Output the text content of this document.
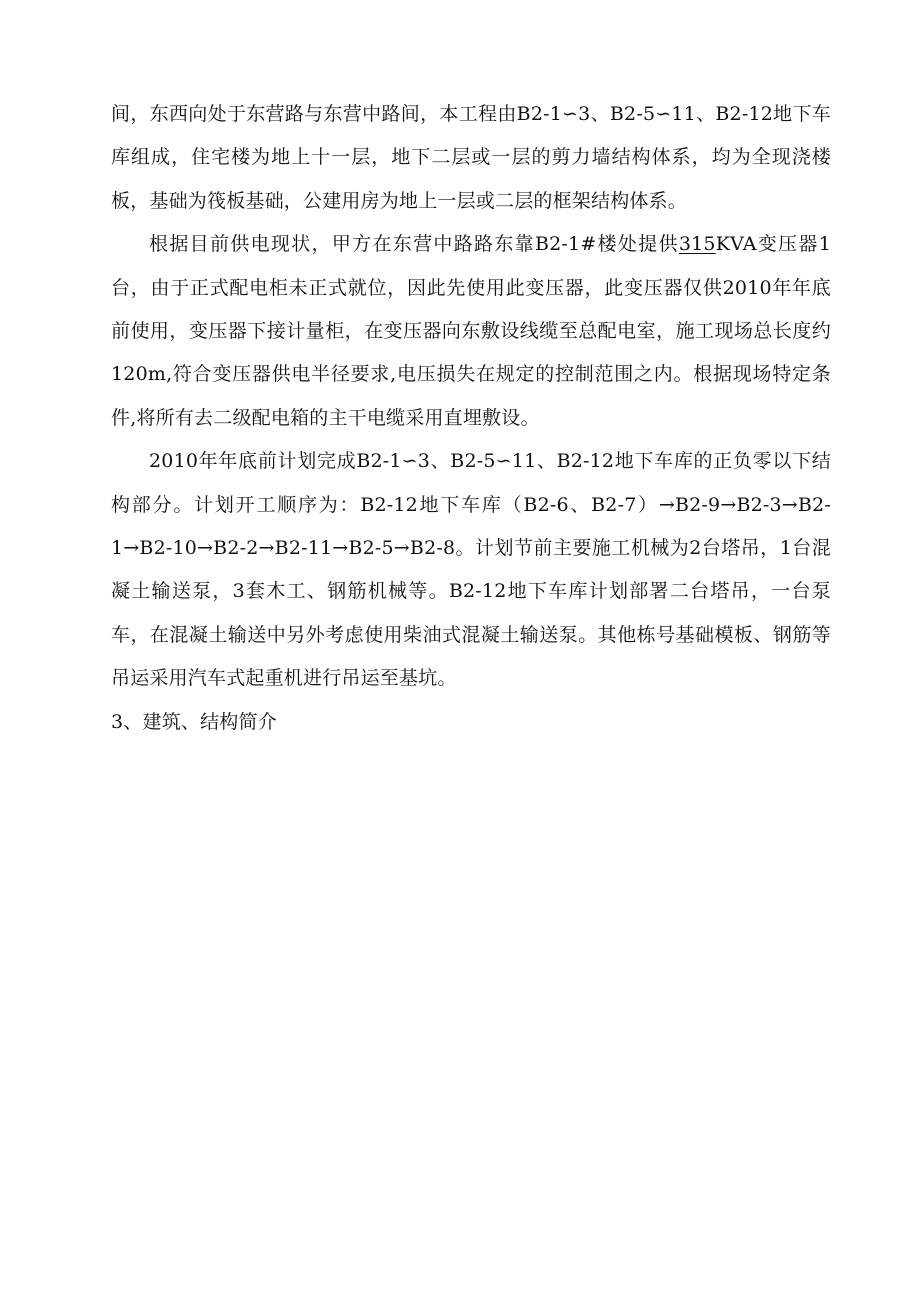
间，东西向处于东营路与东营中路间，本工程由B2-1∽3、B2-5∽11、B2-12地下车库组成，住宅楼为地上十一层，地下二层或一层的剪力墙结构体系，均为全现浇楼板，基础为筏板基础，公建用房为地上一层或二层的框架结构体系。

根据目前供电现状，甲方在东营中路路东靠B2-1#楼处提供315KVA变压器1台，由于正式配电柜未正式就位，因此先使用此变压器，此变压器仅供2010年年底前使用，变压器下接计量柜，在变压器向东敷设线缆至总配电室，施工现场总长度约120m,符合变压器供电半径要求,电压损失在规定的控制范围之内。根据现场特定条件,将所有去二级配电箱的主干电缆采用直埋敷设。

2010年年底前计划完成B2-1∽3、B2-5∽11、B2-12地下车库的正负零以下结构部分。计划开工顺序为：B2-12地下车库（B2-6、B2-7）→B2-9→B2-3→B2-1→B2-10→B2-2→B2-11→B2-5→B2-8。计划节前主要施工机械为2台塔吊，1台混凝土输送泵，3套木工、钢筋机械等。B2-12地下车库计划部署二台塔吊，一台泵车，在混凝土输送中另外考虑使用柴油式混凝土输送泵。其他栋号基础模板、钢筋等吊运采用汽车式起重机进行吊运至基坑。

3、建筑、结构简介
